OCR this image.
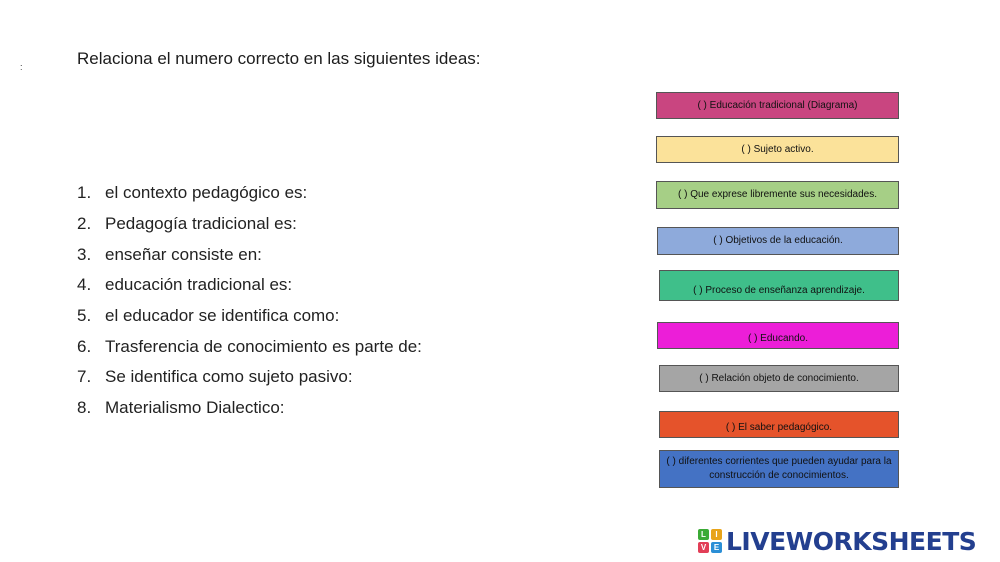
:	Relaciona el numero correcto en las siguientes ideas:
1. el contexto pedagógico es:
2. Pedagogía tradicional es:
3. enseñar consiste en:
4. educación tradicional es:
5. el educador se identifica como:
6. Trasferencia de conocimiento es parte de:
7. Se identifica como sujeto pasivo:
8. Materialismo Dialectico:
( ) Educación tradicional (Diagrama)
( ) Sujeto activo.
( ) Que exprese libremente sus necesidades.
( ) Objetivos de la educación.
( ) Proceso de enseñanza aprendizaje.
( ) Educando.
( ) Relación objeto de conocimiento.
( ) El saber pedagógico.
( ) diferentes corrientes que pueden ayudar para la construcción de conocimientos.
L	I
V E LIVEWORKSHEETS
